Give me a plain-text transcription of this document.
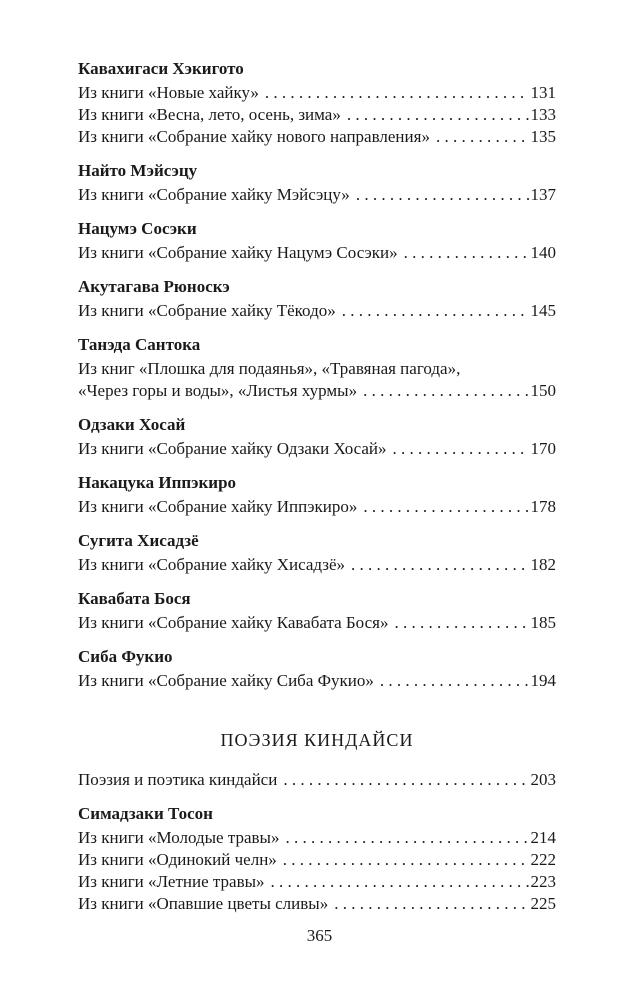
Кавахигаси Хэкигото
Из книги «Новые хайку» . . .	131
Из книги «Весна, лето, осень, зима» . . .	133
Из книги «Собрание хайку нового направления» . . .	135
Найто Мэйсэцу
Из книги «Собрание хайку Мэйсэцу» . . .	137
Нацумэ Сосэки
Из книги «Собрание хайку Нацумэ Сосэки» . . .	140
Акутагава Рюноскэ
Из книги «Собрание хайку Тёкодо» . . .	145
Танэда Сантока
Из книг «Плошка для подаянья», «Травяная пагода»,
«Через горы и воды», «Листья хурмы» . . .	150
Одзаки Хосай
Из книги «Собрание хайку Одзаки Хосай» . . .	170
Накацука Иппэкиро
Из книги «Собрание хайку Иппэкиро» . . .	178
Сугита Хисадзё
Из книги «Собрание хайку Хисадзё» . . .	182
Кавабата Бося
Из книги «Собрание хайку Кавабата Бося» . . .	185
Сиба Фукио
Из книги «Собрание хайку Сиба Фукио» . . .	194
ПОЭЗИЯ КИНДАЙСИ
Поэзия и поэтика киндайси . . .	203
Симадзаки Тосон
Из книги «Молодые травы» . . .	214
Из книги «Одинокий челн» . . .	222
Из книги «Летние травы» . . .	223
Из книги «Опавшие цветы сливы» . . .	225
365
